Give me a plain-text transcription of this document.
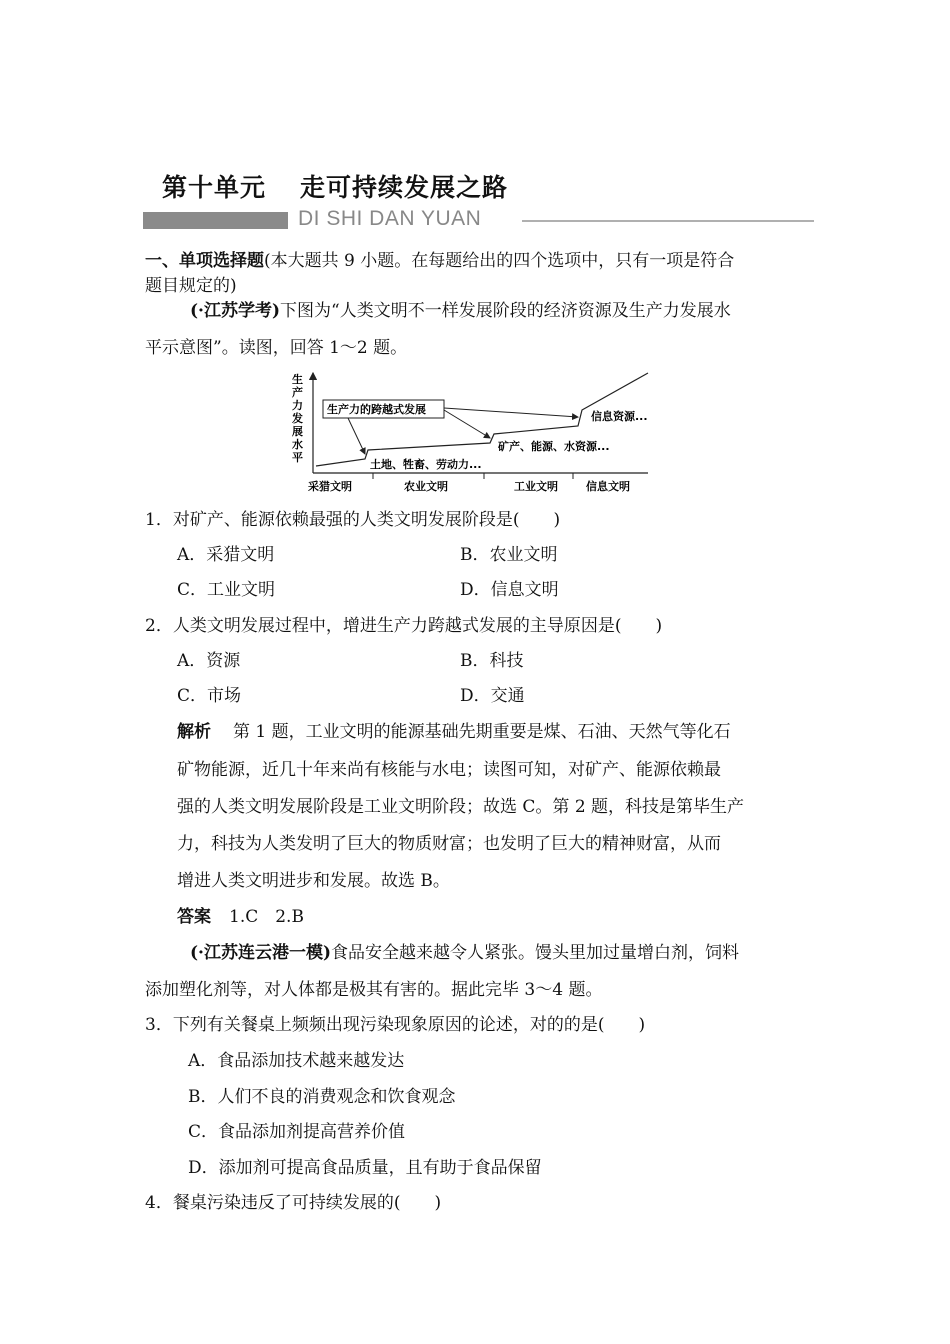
第十单元 走可持续发展之路
DI SHI DAN YUAN
一、单项选择题(本大题共 9 小题。在每题给出的四个选项中，只有一项是符合
题目规定的)
(·江苏学考)下图为“人类文明不一样发展阶段的经济资源及生产力发展水
平示意图”。读图，回答 1～2 题。
生
产
力
发
展
水
平
采猎文明	农业文明	工业文明	信息文明
生产力的跨越式发展
土地、牲畜、劳动力...
矿产、能源、水资源...
信息资源...
1．对矿产、能源依赖最强的人类文明发展阶段是(　　)
A．采猎文明	B．农业文明
C．工业文明	D．信息文明
2．人类文明发展过程中，增进生产力跨越式发展的主导原因是(　　)
A．资源	B．科技
C．市场	D．交通
解析 第 1 题，工业文明的能源基础先期重要是煤、石油、天然气等化石
矿物能源，近几十年来尚有核能与水电；读图可知，对矿产、能源依赖最
强的人类文明发展阶段是工业文明阶段；故选 C。第 2 题，科技是第毕生产
力，科技为人类发明了巨大的物质财富；也发明了巨大的精神财富，从而
增进人类文明进步和发展。故选 B。
答案 1.C　2.B
(·江苏连云港一模)食品安全越来越令人紧张。馒头里加过量增白剂，饲料
添加塑化剂等，对人体都是极其有害的。据此完毕 3～4 题。
3．下列有关餐桌上频频出现污染现象原因的论述，对的的是(　　)
A．食品添加技术越来越发达
B．人们不良的消费观念和饮食观念
C．食品添加剂提高营养价值
D．添加剂可提高食品质量，且有助于食品保留
4．餐桌污染违反了可持续发展的(　　)
